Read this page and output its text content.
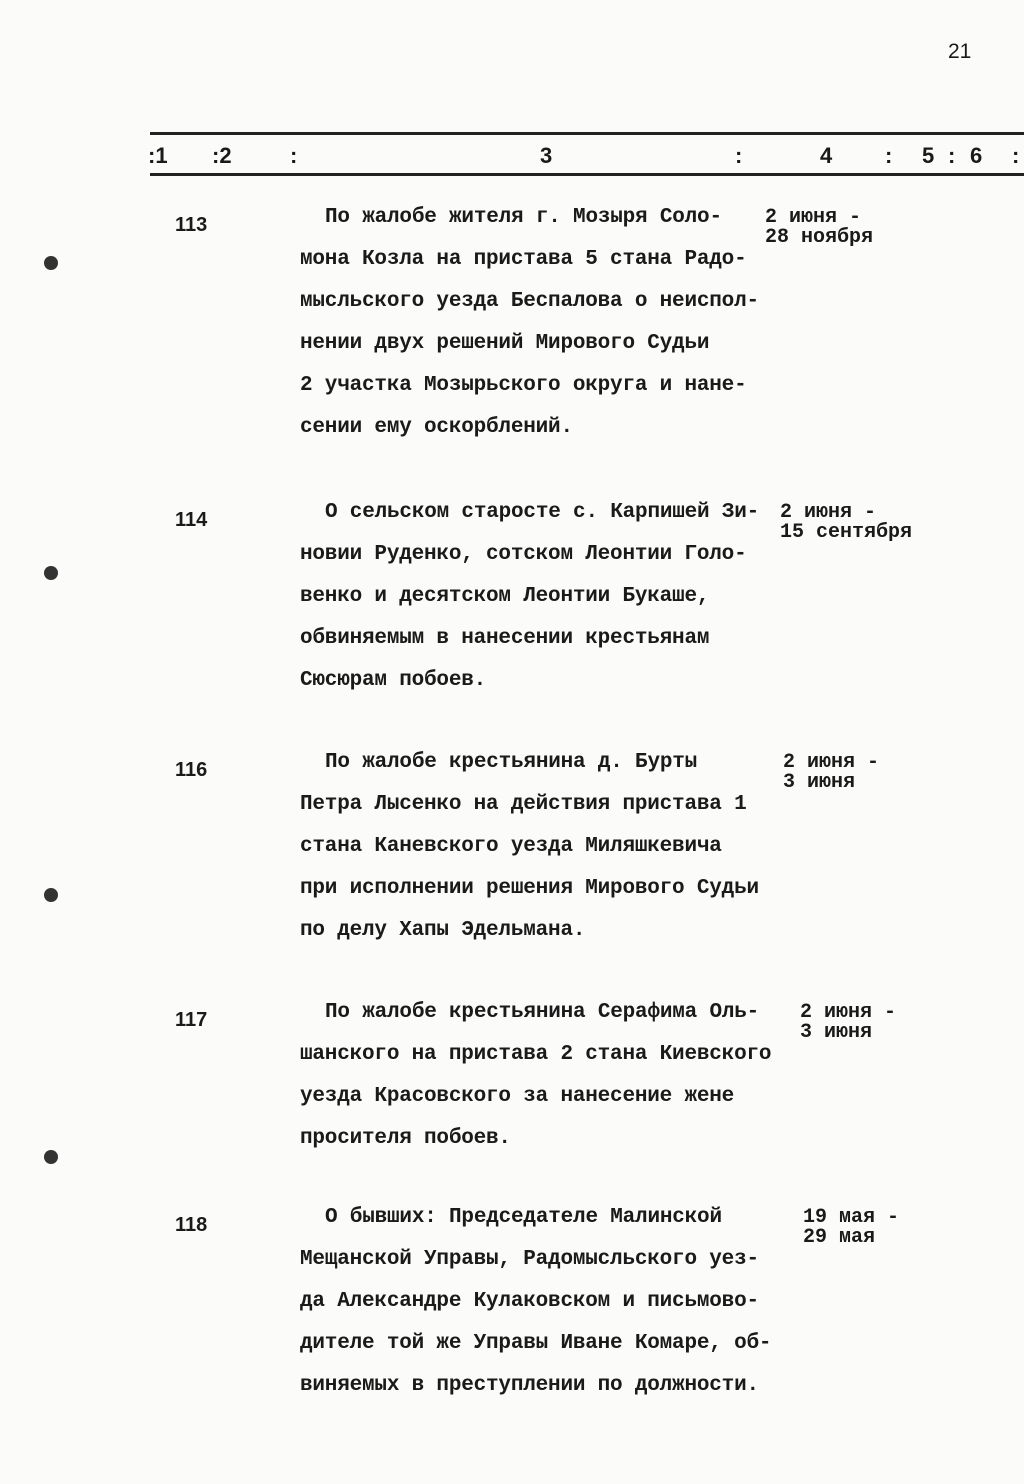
21
:1 :2	:	3	:	4 : 5 : 6 :
113	По жалобе жителя г. Мозыря Соло-
мона Козла на пристава 5 стана Радо-
мысльского уезда Беспалова о неиспол-
нении двух решений Мирового Судьи
2 участка Мозырьского округа и нане-
сении ему оскорблений.
2 июня -
28 ноября
114	О сельском старосте с. Карпишей Зи-
новии Руденко, сотском Леонтии Голо-
венко и десятском Леонтии Букаше,
обвиняемым в нанесении крестьянам
Сюсюрам побоев.
2 июня -
15 сентября
116	По жалобе крестьянина д. Бурты
Петра Лысенко на действия пристава 1
стана Каневского уезда Миляшкевича
при исполнении решения Мирового Судьи
по делу Хапы Эдельмана.
2 июня -
3 июня
117	По жалобе крестьянина Серафима Оль-
шанского на пристава 2 стана Киевского
уезда Красовского за нанесение жене
просителя побоев.
2 июня -
3 июня
118	О бывших: Председателе Малинской
Мещанской Управы, Радомысльского уез-
да Александре Кулаковском и письмово-
дителе той же Управы Иване Комаре, об-
виняемых в преступлении по должности.
19 мая -
29 мая
